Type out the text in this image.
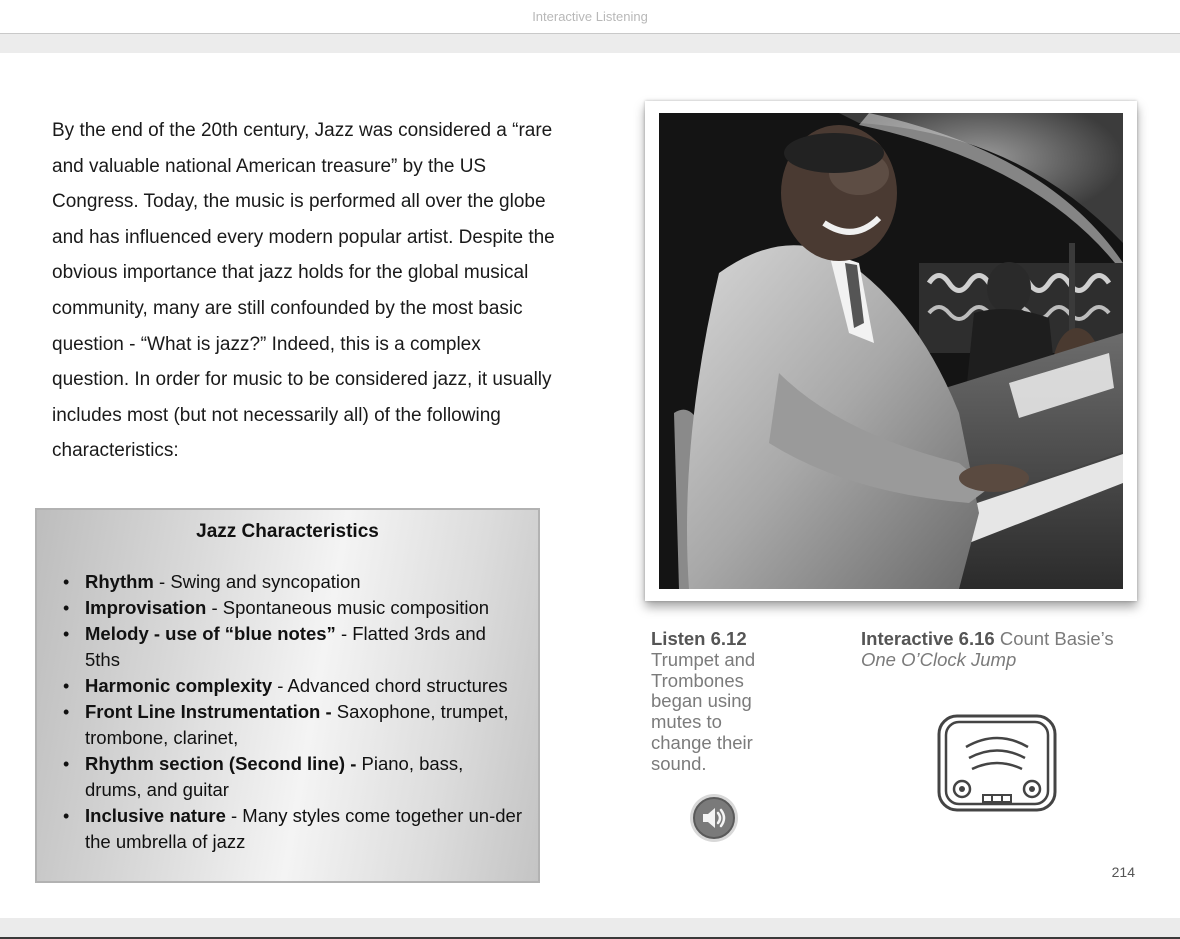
Interactive Listening
By the end of the 20th century, Jazz was considered a “rare
and valuable national American treasure” by the US
Congress. Today, the music is performed all over the globe
and has influenced every modern popular artist. Despite the
obvious importance that jazz holds for the global musical
community, many are still confounded by the most basic
question - “What is jazz?” Indeed, this is a complex
question. In order for music to be considered jazz, it usually
includes most (but not necessarily all) of the following
characteristics:
Jazz Characteristics
• Rhythm - Swing and syncopation
• Improvisation - Spontaneous music composition
• Melody - use of “blue notes” - Flatted 3rds and 5ths
• Harmonic complexity - Advanced chord structures
• Front Line Instrumentation - Saxophone, trumpet, trombone, clarinet,
• Rhythm section (Second line) - Piano, bass, drums, and guitar
• Inclusive nature - Many styles come together un-der the umbrella of jazz
Listen 6.12
Trumpet and
Trombones
began using
mutes to
change their
sound.
Interactive 6.16 Count Basie’s
One O’Clock Jump
214
